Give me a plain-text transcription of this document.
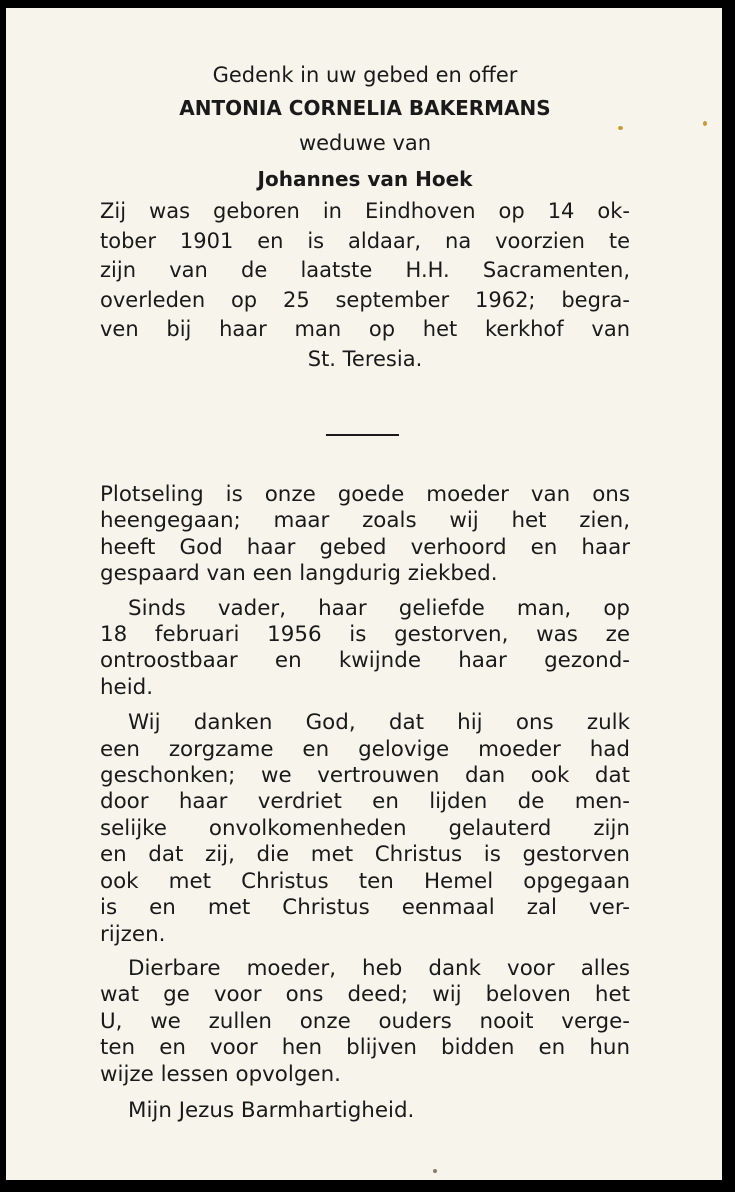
Gedenk in uw gebed en offer
ANTONIA CORNELIA BAKERMANS
weduwe van
Johannes van Hoek
Zij was geboren in Eindhoven op 14 ok-
tober 1901 en is aldaar, na voorzien te
zijn van de laatste H.H. Sacramenten,
overleden op 25 september 1962; begra-
ven bij haar man op het kerkhof van
St. Teresia.

Plotseling is onze goede moeder van ons

heengegaan; maar zoals wij het zien,

heeft God haar gebed verhoord en haar

gespaard van een langdurig ziekbed.

Sinds vader, haar geliefde man, op

18 februari 1956 is gestorven, was ze

ontroostbaar en kwijnde haar gezond-

heid.

Wij danken God, dat hij ons zulk

een zorgzame en gelovige moeder had

geschonken; we vertrouwen dan ook dat

door haar verdriet en lijden de men-

selijke onvolkomenheden gelauterd zijn

en dat zij, die met Christus is gestorven

ook met Christus ten Hemel opgegaan

is en met Christus eenmaal zal ver-

rijzen.

Dierbare moeder, heb dank voor alles

wat ge voor ons deed; wij beloven het

U, we zullen onze ouders nooit verge-

ten en voor hen blijven bidden en hun

wijze lessen opvolgen.

Mijn Jezus Barmhartigheid.
